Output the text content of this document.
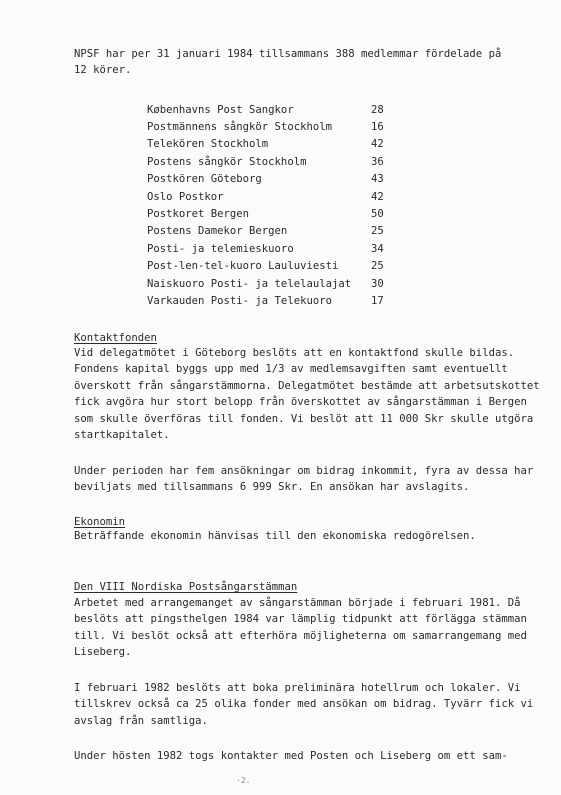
NPSF har per 31 januari 1984 tillsammans 388 medlemmar fördelade på
12 körer.

Københavns Post Sangkor	28
Postmännens sångkör Stockholm	16
Telekören Stockholm	42
Postens sångkör Stockholm	36
Postkören Göteborg	43
Oslo Postkor	42
Postkoret Bergen	50
Postens Damekor Bergen	25
Posti- ja telemieskuoro	34
Post-len-tel-kuoro Lauluviesti	25
Naiskuoro Posti- ja telelaulajat	30
Varkauden Posti- ja Telekuoro	17
Kontaktfonden

Vid delegatmötet i Göteborg beslöts att en kontaktfond skulle bildas.
Fondens kapital byggs upp med 1/3 av medlemsavgiften samt eventuellt
överskott från sångarstämmorna. Delegatmötet bestämde att arbetsutskottet
fick avgöra hur stort belopp från överskottet av sångarstämman i Bergen
som skulle överföras till fonden. Vi beslöt att 11 000 Skr skulle utgöra
startkapitalet.

Under perioden har fem ansökningar om bidrag inkommit, fyra av dessa har
beviljats med tillsammans 6 999 Skr. En ansökan har avslagits.

Ekonomin

Beträffande ekonomin hänvisas till den ekonomiska redogörelsen.

Den VIII Nordiska Postsångarstämman

Arbetet med arrangemanget av sångarstämman började i februari 1981. Då
beslöts att pingsthelgen 1984 var lämplig tidpunkt att förlägga stämman
till. Vi beslöt också att efterhöra möjligheterna om samarrangemang med
Liseberg.

I februari 1982 beslöts att boka preliminära hotellrum och lokaler. Vi
tillskrev också ca 25 olika fonder med ansökan om bidrag. Tyvärr fick vi
avslag från samtliga.

Under hösten 1982 togs kontakter med Posten och Liseberg om ett sam-

·2.
